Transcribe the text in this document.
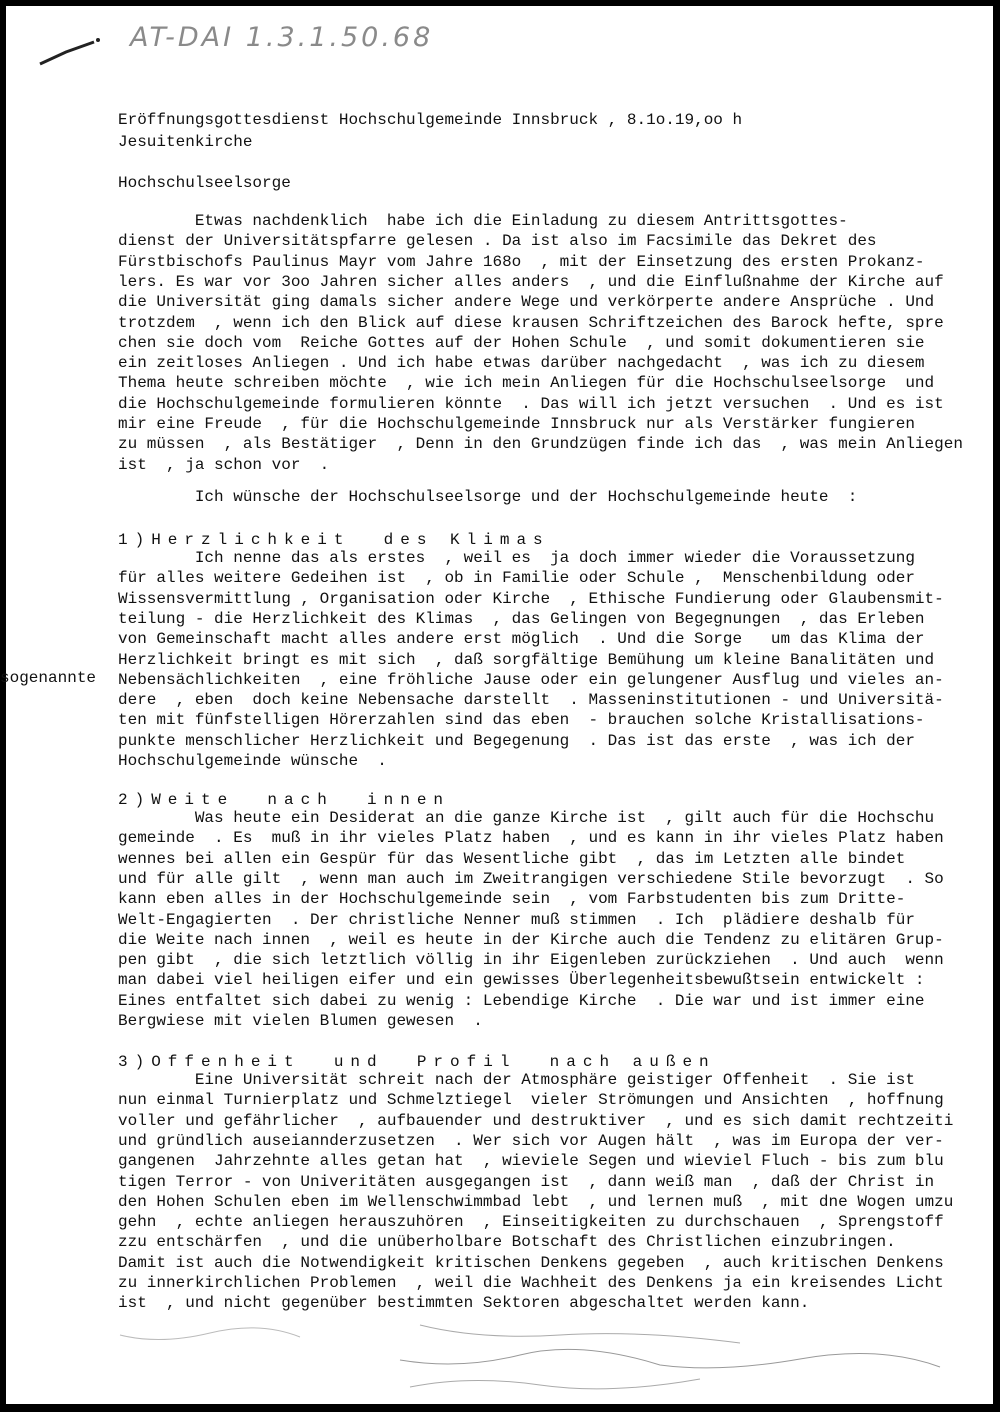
AT-DAI 1.3.1.50.68
Eröffnungsgottesdienst Hochschulgemeinde Innsbruck , 8.1o.19,oo h
Jesuitenkirche
Hochschulseelsorge
Etwas nachdenklich  habe ich die Einladung zu diesem Antrittsgottes-
dienst der Universitätspfarre gelesen . Da ist also im Facsimile das Dekret des
Fürstbischofs Paulinus Mayr vom Jahre 168o  , mit der Einsetzung des ersten Prokanz-
lers. Es war vor 3oo Jahren sicher alles anders  , und die Einflußnahme der Kirche auf
die Universität ging damals sicher andere Wege und verkörperte andere Ansprüche . Und
trotzdem  , wenn ich den Blick auf diese krausen Schriftzeichen des Barock hefte, spre
chen sie doch vom  Reiche Gottes auf der Hohen Schule  , und somit dokumentieren sie
ein zeitloses Anliegen . Und ich habe etwas darüber nachgedacht  , was ich zu diesem
Thema heute schreiben möchte  , wie ich mein Anliegen für die Hochschulseelsorge  und
die Hochschulgemeinde formulieren könnte  . Das will ich jetzt versuchen  . Und es ist
mir eine Freude  , für die Hochschulgemeinde Innsbruck nur als Verstärker fungieren
zu müssen  , als Bestätiger  , Denn in den Grundzügen finde ich das  , was mein Anliegen
ist  , ja schon vor  .
Ich wünsche der Hochschulseelsorge und der Hochschulgemeinde heute  :
1)Herzlichkeit  des Klimas
Ich nenne das als erstes  , weil es  ja doch immer wieder die Voraussetzung
für alles weitere Gedeihen ist  , ob in Familie oder Schule ,  Menschenbildung oder
Wissensvermittlung , Organisation oder Kirche  , Ethische Fundierung oder Glaubensmit-
teilung - die Herzlichkeit des Klimas  , das Gelingen von Begegnungen  , das Erleben
von Gemeinschaft macht alles andere erst möglich  . Und die Sorge   um das Klima der
Herzlichkeit bringt es mit sich  , daß sorgfältige Bemühung um kleine Banalitäten und
Nebensächlichkeiten  , eine fröhliche Jause oder ein gelungener Ausflug und vieles an-
dere  , eben  doch keine Nebensache darstellt  . Masseninstitutionen - und Universitä-
ten mit fünfstelligen Hörerzahlen sind das eben  - brauchen solche Kristallisations-
punkte menschlicher Herzlichkeit und Begegenung  . Das ist das erste  , was ich der
Hochschulgemeinde wünsche  .
sogenannte
2)Weite  nach  innen
Was heute ein Desiderat an die ganze Kirche ist  , gilt auch für die Hochschu
gemeinde  . Es  muß in ihr vieles Platz haben  , und es kann in ihr vieles Platz haben
wennes bei allen ein Gespür für das Wesentliche gibt  , das im Letzten alle bindet
und für alle gilt  , wenn man auch im Zweitrangigen verschiedene Stile bevorzugt  . So
kann eben alles in der Hochschulgemeinde sein  , vom Farbstudenten bis zum Dritte-
Welt-Engagierten  . Der christliche Nenner muß stimmen  . Ich  plädiere deshalb für
die Weite nach innen  , weil es heute in der Kirche auch die Tendenz zu elitären Grup-
pen gibt  , die sich letztlich völlig in ihr Eigenleben zurückziehen  . Und auch  wenn
man dabei viel heiligen eifer und ein gewisses Überlegenheitsbewußtsein entwickelt :
Eines entfaltet sich dabei zu wenig : Lebendige Kirche  . Die war und ist immer eine
Bergwiese mit vielen Blumen gewesen  .
3)Offenheit  und  Profil  nach außen
Eine Universität schreit nach der Atmosphäre geistiger Offenheit  . Sie ist
nun einmal Turnierplatz und Schmelztiegel  vieler Strömungen und Ansichten  , hoffnung
voller und gefährlicher  , aufbauender und destruktiver  , und es sich damit rechtzeiti
und gründlich auseiannderzusetzen  . Wer sich vor Augen hält  , was im Europa der ver-
gangenen  Jahrzehnte alles getan hat  , wieviele Segen und wieviel Fluch - bis zum blu
tigen Terror - von Univeritäten ausgegangen ist  , dann weiß man  , daß der Christ in
den Hohen Schulen eben im Wellenschwimmbad lebt  , und lernen muß  , mit dne Wogen umzu
gehn  , echte anliegen herauszuhören  , Einseitigkeiten zu durchschauen  , Sprengstoff
zzu entschärfen  , und die unüberholbare Botschaft des Christlichen einzubringen.
Damit ist auch die Notwendigkeit kritischen Denkens gegeben  , auch kritischen Denkens
zu innerkirchlichen Problemen  , weil die Wachheit des Denkens ja ein kreisendes Licht
ist  , und nicht gegenüber bestimmten Sektoren abgeschaltet werden kann.
